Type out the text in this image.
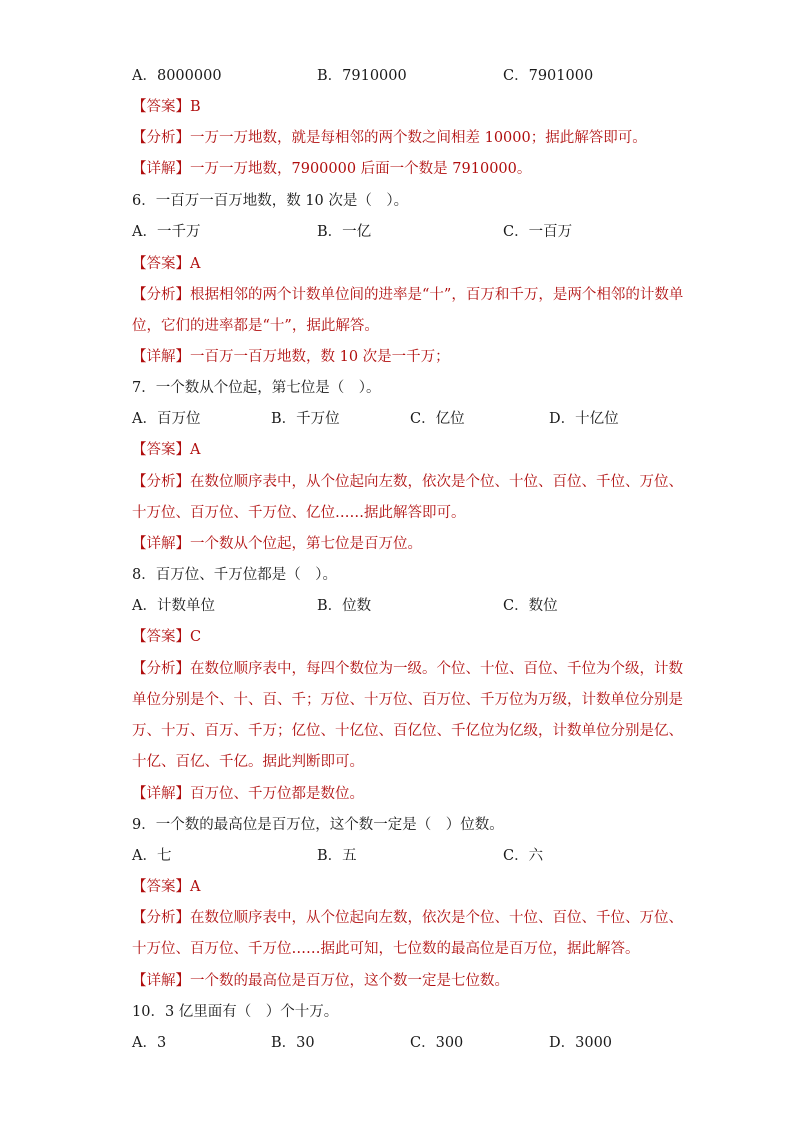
A．8000000	B．7910000	C．7901000
【答案】B
【分析】一万一万地数，就是每相邻的两个数之间相差 10000；据此解答即可。
【详解】一万一万地数，7900000 后面一个数是 7910000。
6．一百万一百万地数，数 10 次是（　）。
A．一千万	B．一亿	C．一百万
【答案】A
【分析】根据相邻的两个计数单位间的进率是“十”，百万和千万，是两个相邻的计数单
位，它们的进率都是“十”，据此解答。
【详解】一百万一百万地数，数 10 次是一千万；
7．一个数从个位起，第七位是（　）。
A．百万位	B．千万位	C．亿位	D．十亿位
【答案】A
【分析】在数位顺序表中，从个位起向左数，依次是个位、十位、百位、千位、万位、
十万位、百万位、千万位、亿位……据此解答即可。
【详解】一个数从个位起，第七位是百万位。
8．百万位、千万位都是（　）。
A．计数单位	B．位数	C．数位
【答案】C
【分析】在数位顺序表中，每四个数位为一级。个位、十位、百位、千位为个级，计数
单位分别是个、十、百、千；万位、十万位、百万位、千万位为万级，计数单位分别是
万、十万、百万、千万；亿位、十亿位、百亿位、千亿位为亿级，计数单位分别是亿、
十亿、百亿、千亿。据此判断即可。
【详解】百万位、千万位都是数位。
9．一个数的最高位是百万位，这个数一定是（　）位数。
A．七	B．五	C．六
【答案】A
【分析】在数位顺序表中，从个位起向左数，依次是个位、十位、百位、千位、万位、
十万位、百万位、千万位……据此可知，七位数的最高位是百万位，据此解答。
【详解】一个数的最高位是百万位，这个数一定是七位数。
10．3 亿里面有（　）个十万。
A．3	B．30	C．300	D．3000
